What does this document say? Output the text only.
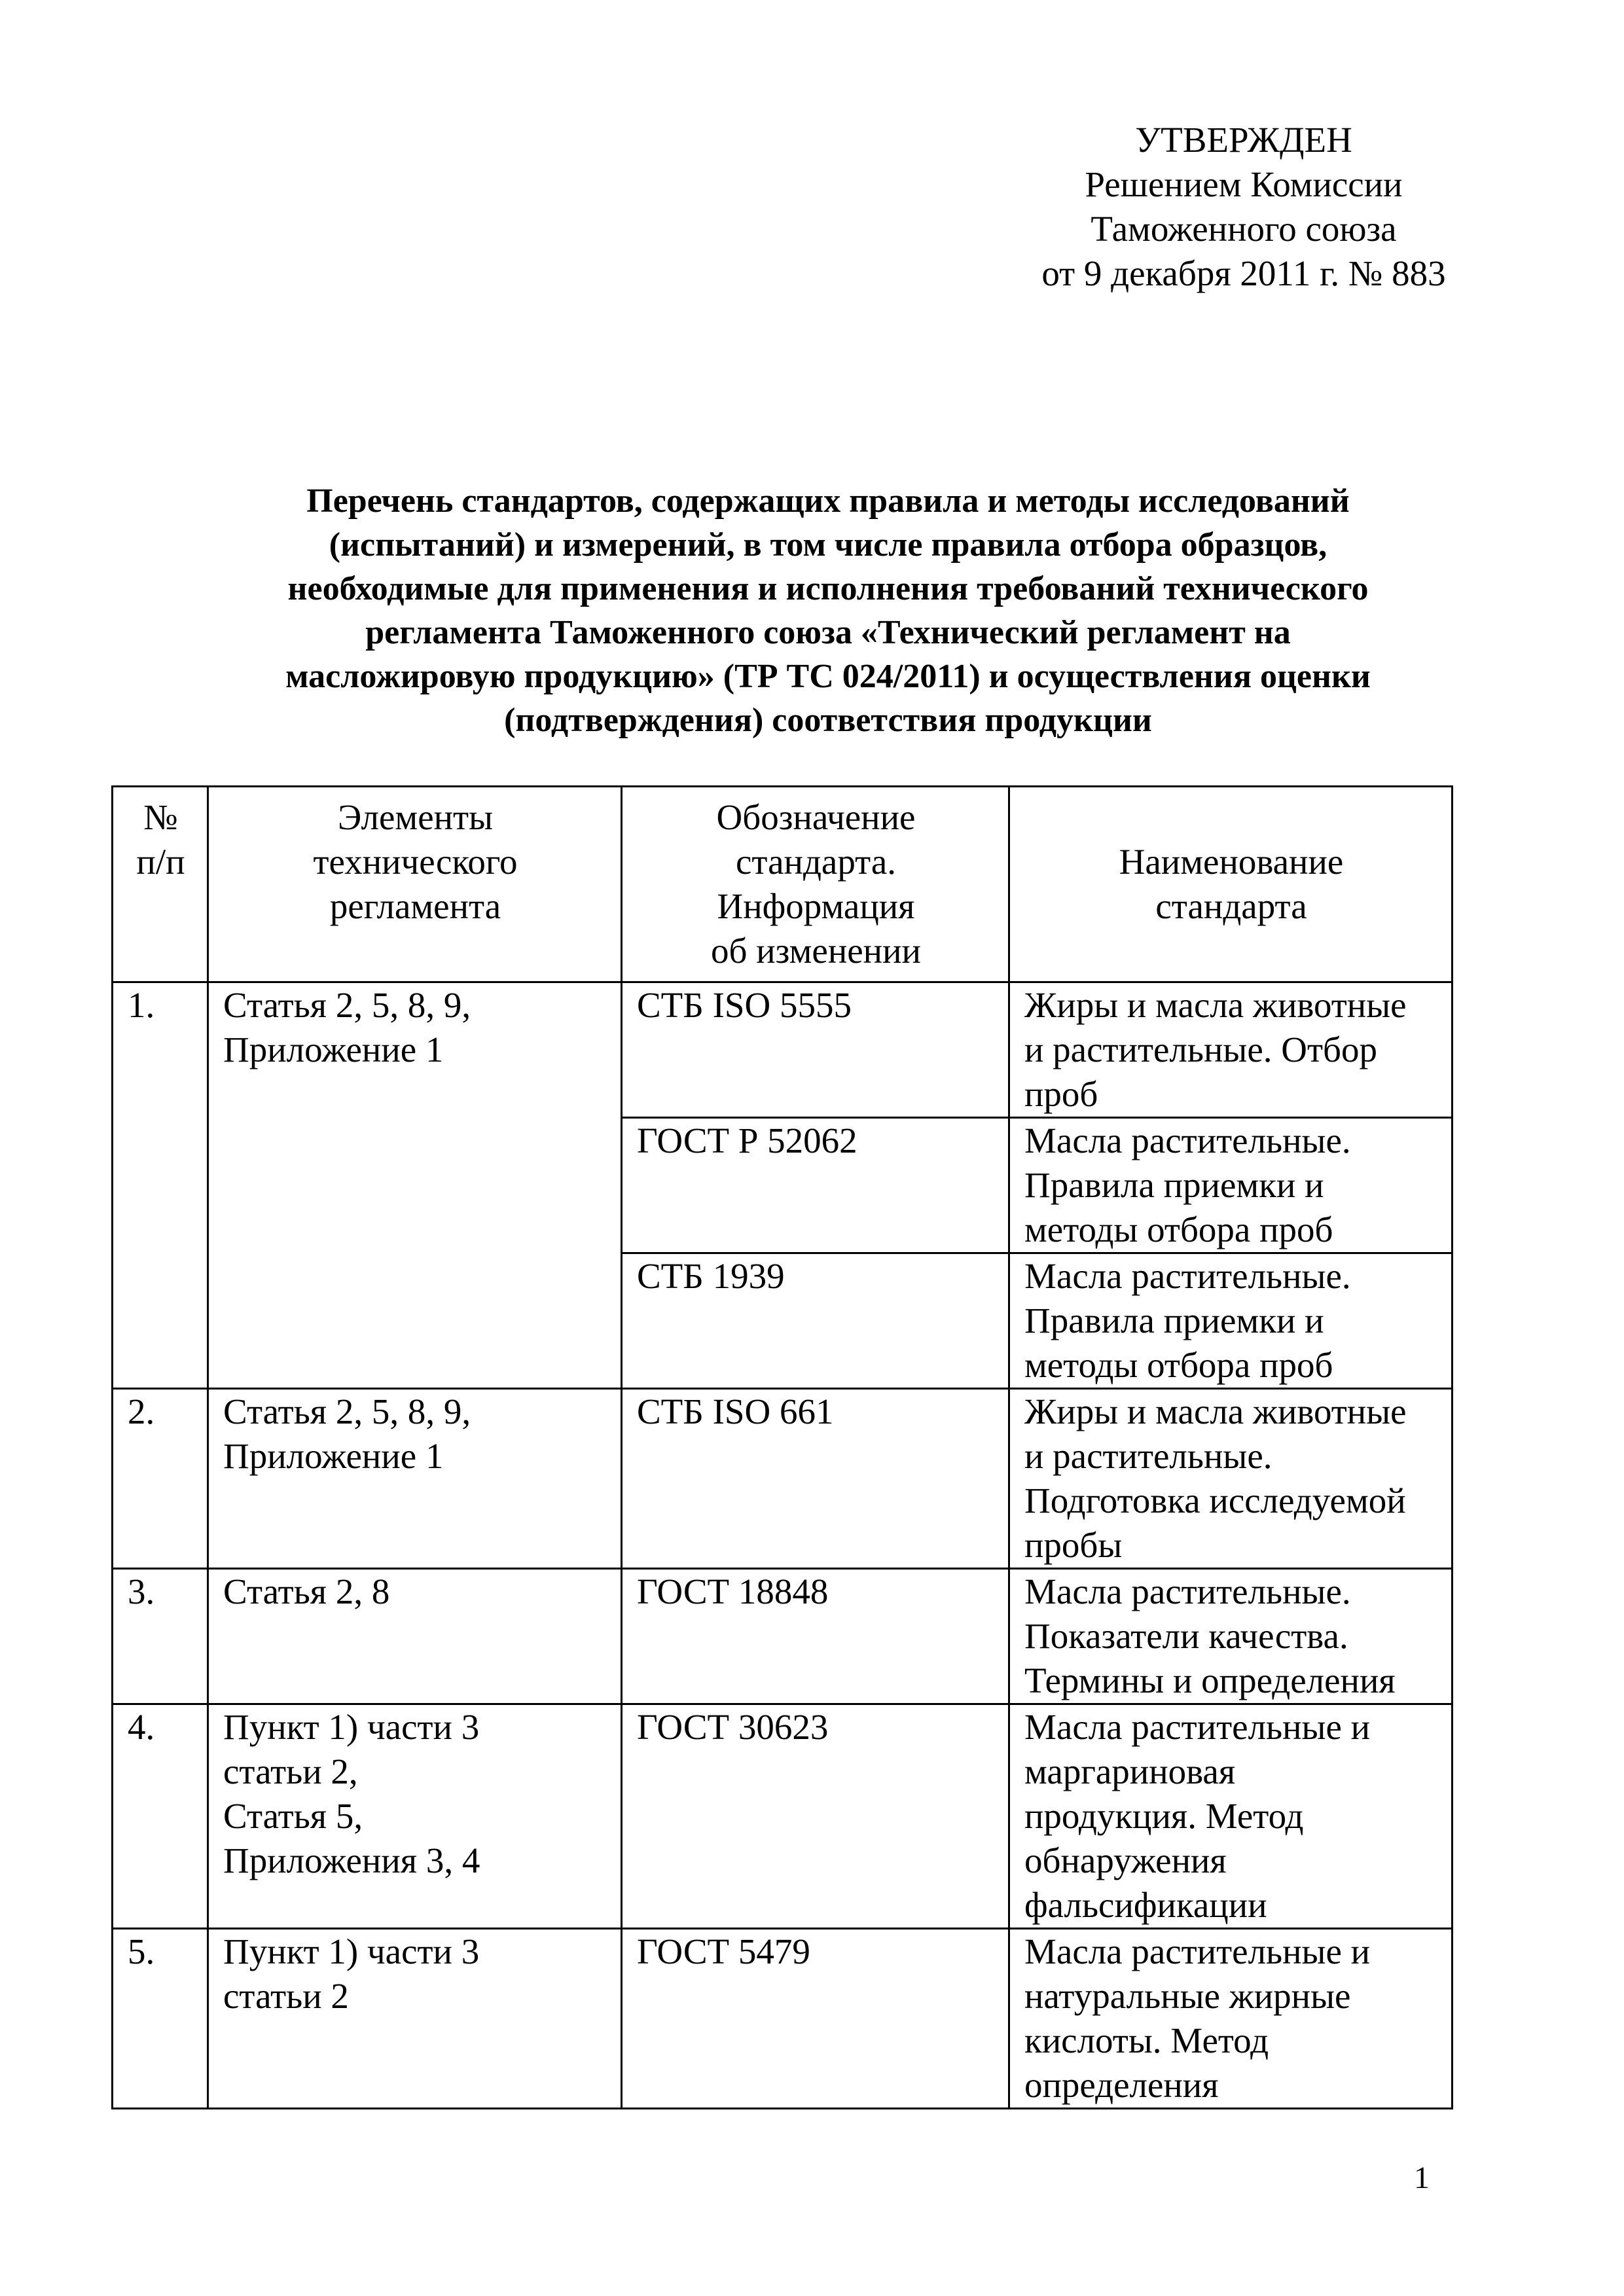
УТВЕРЖДЕН
Решением Комиссии
Таможенного союза
от 9 декабря 2011 г. № 883
Перечень стандартов, содержащих правила и методы исследований
(испытаний) и измерений, в том числе правила отбора образцов,
необходимые для применения и исполнения требований технического
регламента Таможенного союза «Технический регламент на
масложировую продукцию» (ТР ТС 024/2011) и осуществления оценки
(подтверждения) соответствия продукции
№
п/п	Элементы
технического
регламента	Обозначение
стандарта.
Информация
об изменении	Наименование
стандарта

1.	Статья 2, 5, 8, 9,
Приложение 1	СТБ ISO 5555	Жиры и масла животные
и растительные. Отбор
проб

		ГОСТ Р 52062	Масла растительные.
Правила приемки и
методы отбора проб

		СТБ 1939	Масла растительные.
Правила приемки и
методы отбора проб

2.	Статья 2, 5, 8, 9,
Приложение 1	СТБ ISO 661	Жиры и масла животные
и растительные.
Подготовка исследуемой
пробы

3.	Статья 2, 8	ГОСТ 18848	Масла растительные.
Показатели качества.
Термины и определения

4.	Пункт 1) части 3
статьи 2,
Статья 5,
Приложения 3, 4	ГОСТ 30623	Масла растительные и
маргариновая
продукция. Метод
обнаружения
фальсификации

5.	Пункт 1) части 3
статьи 2	ГОСТ 5479	Масла растительные и
натуральные жирные
кислоты. Метод
определения
1
